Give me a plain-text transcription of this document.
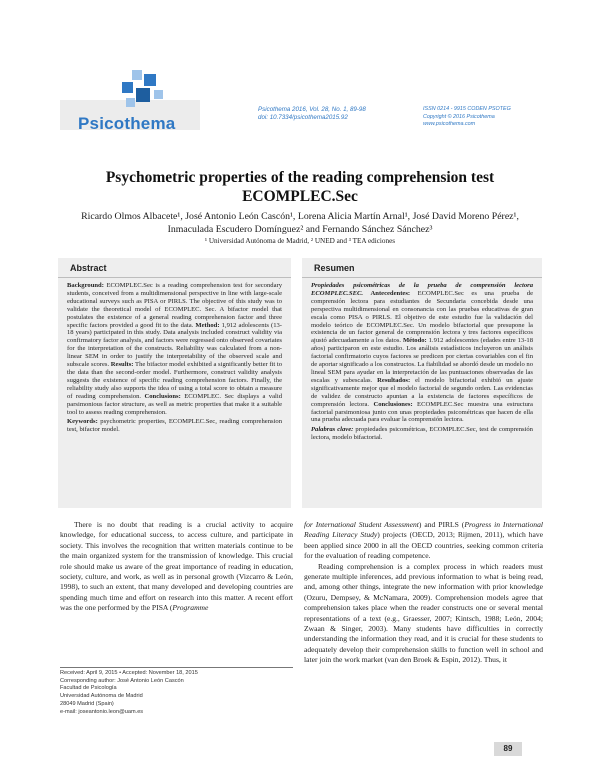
Psicothema
Psicothema 2016, Vol. 28, No. 1, 89-98
doi: 10.7334/psicothema2015.92
ISSN 0214 - 9915 CODEN PSOTEG
Copyright © 2016 Psicothema
www.psicothema.com
Psychometric properties of the reading comprehension test
ECOMPLEC.Sec
Ricardo Olmos Albacete¹, José Antonio León Cascón¹, Lorena Alicia Martín Arnal¹, José David Moreno Pérez¹,
Inmaculada Escudero Domínguez² and Fernando Sánchez Sánchez³
¹ Universidad Autónoma de Madrid, ² UNED and ³ TEA ediciones
Abstract
Background: ECOMPLEC.Sec is a reading comprehension test for secondary students, conceived from a multidimensional perspective in line with large-scale educational surveys such as PISA or PIRLS. The objective of this study was to validate the theoretical model of ECOMPLEC. Sec. A bifactor model that postulates the existence of a general reading comprehension factor and three specific factors provided a good fit to the data. Method: 1,912 adolescents (13-18 years) participated in this study. Data analysis included construct validity via confirmatory factor analysis, and factors were regressed onto observed covariates for the interpretation of the constructs. Reliability was calculated from a non-linear SEM in order to justify the interpretability of the observed scale and subscale scores. Results: The bifactor model exhibited a significantly better fit to the data than the second-order model. Furthermore, construct validity analysis suggests the existence of specific reading comprehension factors. Finally, the reliability study also supports the idea of using a total score to obtain a measure of reading comprehension. Conclusions: ECOMPLEC. Sec displays a valid parsimonious factor structure, as well as metric properties that make it a suitable tool to assess reading comprehension.
Keywords: psychometric properties, ECOMPLEC.Sec, reading comprehension test, bifactor model.
Resumen
Propiedades psicométricas de la prueba de comprensión lectora ECOMPLEC.SEC. Antecedentes: ECOMPLEC.Sec es una prueba de comprensión lectora para estudiantes de Secundaria concebida desde una perspectiva multidimensional en consonancia con las pruebas educativas de gran escala como PISA o PIRLS. El objetivo de este estudio fue la validación del modelo teórico de ECOMPLEC.Sec. Un modelo bifactorial que presupone la existencia de un factor general de comprensión lectora y tres factores específicos ajustó adecuadamente a los datos. Método: 1.912 adolescentes (edades entre 13-18 años) participaron en este estudio. Los análisis estadísticos incluyeron un análisis factorial confirmatorio cuyos factores se predicen por ciertas covariables con el fin de aportar significado a los constructos. La fiabilidad se abordó desde un modelo no lineal SEM para ayudar en la interpretación de las puntuaciones observadas de las escalas y subescalas. Resultados: el modelo bifactorial exhibió un ajuste significativamente mejor que el modelo factorial de segundo orden. Las evidencias de validez de constructo apuntan a la existencia de factores específicos de comprensión lectora. Conclusiones: ECOMPLEC.Sec muestra una estructura factorial parsimoniosa junto con unas propiedades psicométricas que hacen de ella una prueba adecuada para evaluar la comprensión lectora.
Palabras clave: propiedades psicométricas, ECOMPLEC.Sec, test de comprensión lectora, modelo bifactorial.

There is no doubt that reading is a crucial activity to acquire knowledge, for educational success, to access culture, and participate in society. This involves the recognition that written materials continue to be the main organized system for the transmission of knowledge. This crucial role should make us aware of the great importance of reading in education, society, culture, and work, as well as in personal growth (Vizcarro & León, 1998), to such an extent, that many developed and developing countries are spending much time and effort on research into this matter. A recent effort was the one performed by the PISA (Programme

for International Student Assessment) and PIRLS (Progress in International Reading Literacy Study) projects (OECD, 2013; Rijmen, 2011), which have been applied since 2000 in all the OECD countries, seeking common criteria for the evaluation of reading competence.

Reading comprehension is a complex process in which readers must generate multiple inferences, add previous information to what is being read, and, among other things, integrate the new information with prior knowledge (Ozuru, Dempsey, & McNamara, 2009). Comprehension models agree that comprehension takes place when the reader constructs one or several mental representations of a text (e.g., Graesser, 2007; Kintsch, 1988; León, 2004; Zwaan & Singer, 2003). Many students have difficulties in correctly understanding the information they read, and it is crucial for these students to adequately develop their comprehension skills to function well in school and later join the work market (van den Broek & Espin, 2012). Thus, it

Received: April 9, 2015 • Accepted: November 18, 2015
Corresponding author: José Antonio León Cascón
Facultad de Psicología
Universidad Autónoma de Madrid
28049 Madrid (Spain)
e-mail: joseantonio.leon@uam.es
89
